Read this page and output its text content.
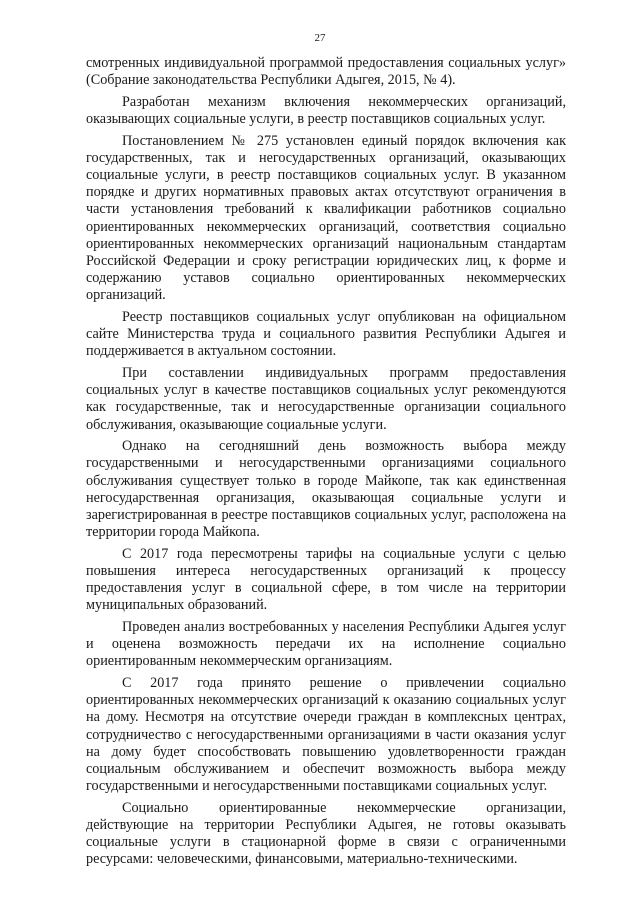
27

смотренных индивидуальной программой предоставления социальных услуг» (Собрание законодательства Республики Адыгея, 2015, № 4).

Разработан механизм включения некоммерческих организаций, оказывающих социальные услуги, в реестр поставщиков социальных услуг.

Постановлением № 275 установлен единый порядок включения как государственных, так и негосударственных организаций, оказывающих социальные услуги, в реестр поставщиков социальных услуг. В указанном порядке и других нормативных правовых актах отсутствуют ограничения в части установления требований к квалификации работников социально ориентированных некоммерческих организаций, соответствия социально ориентированных некоммерческих организаций национальным стандартам Российской Федерации и сроку регистрации юридических лиц, к форме и содержанию уставов социально ориентированных некоммерческих организаций.

Реестр поставщиков социальных услуг опубликован на официальном сайте Министерства труда и социального развития Республики Адыгея и поддерживается в актуальном состоянии.

При составлении индивидуальных программ предоставления социальных услуг в качестве поставщиков социальных услуг рекомендуются как государственные, так и негосударственные организации социального обслуживания, оказывающие социальные услуги.

Однако на сегодняшний день возможность выбора между государственными и негосударственными организациями социального обслуживания существует только в городе Майкопе, так как единственная негосударственная организация, оказывающая социальные услуги и зарегистрированная в реестре поставщиков социальных услуг, расположена на территории города Майкопа.

С 2017 года пересмотрены тарифы на социальные услуги с целью повышения интереса негосударственных организаций к процессу предоставления услуг в социальной сфере, в том числе на территории муниципальных образований.

Проведен анализ востребованных у населения Республики Адыгея услуг и оценена возможность передачи их на исполнение социально ориентированным некоммерческим организациям.

С 2017 года принято решение о привлечении социально ориентированных некоммерческих организаций к оказанию социальных услуг на дому. Несмотря на отсутствие очереди граждан в комплексных центрах, сотрудничество с негосударственными организациями в части оказания услуг на дому будет способствовать повышению удовлетворенности граждан социальным обслуживанием и обеспечит возможность выбора между государственными и негосударственными поставщиками социальных услуг.

Социально ориентированные некоммерческие организации, действующие на территории Республики Адыгея, не готовы оказывать социальные услуги в стационарной форме в связи с ограниченными ресурсами: человеческими, финансовыми, материально-техническими.
